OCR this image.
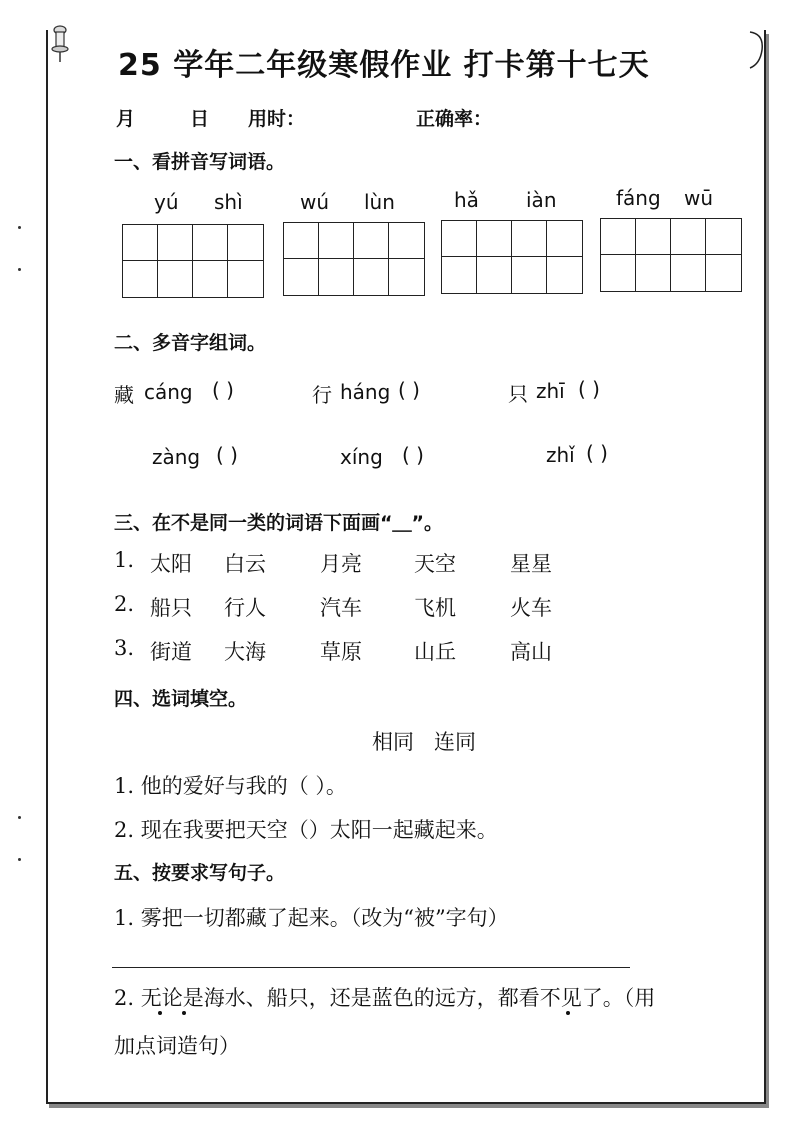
25 学年二年级寒假作业 打卡第十七天
月	日 用时：	正确率：
一、看拼音写词语。
yú shì	wú lùn	hǎ iàn	fáng wū
二、多音字组词。
藏 cáng ( )	行 háng ( )	只 zhī ( )
zàng ( )	xíng ( )	zhǐ ( )
三、在不是同一类的词语下面画“＿”。
1. 太阳 白云	月亮 天空	星星
2. 船只 行人	汽车 飞机	火车
3. 街道 大海	草原 山丘	高山
四、选词填空。
相同   连同
1. 他的爱好与我的（ ）。
2. 现在我要把天空（）太阳一起藏起来。
五、按要求写句子。
1. 雾把一切都藏了起来。（改为“被”字句）
2. 无论是海水、船只，还是蓝色的远方，都看不见了。（用
加点词造句）
